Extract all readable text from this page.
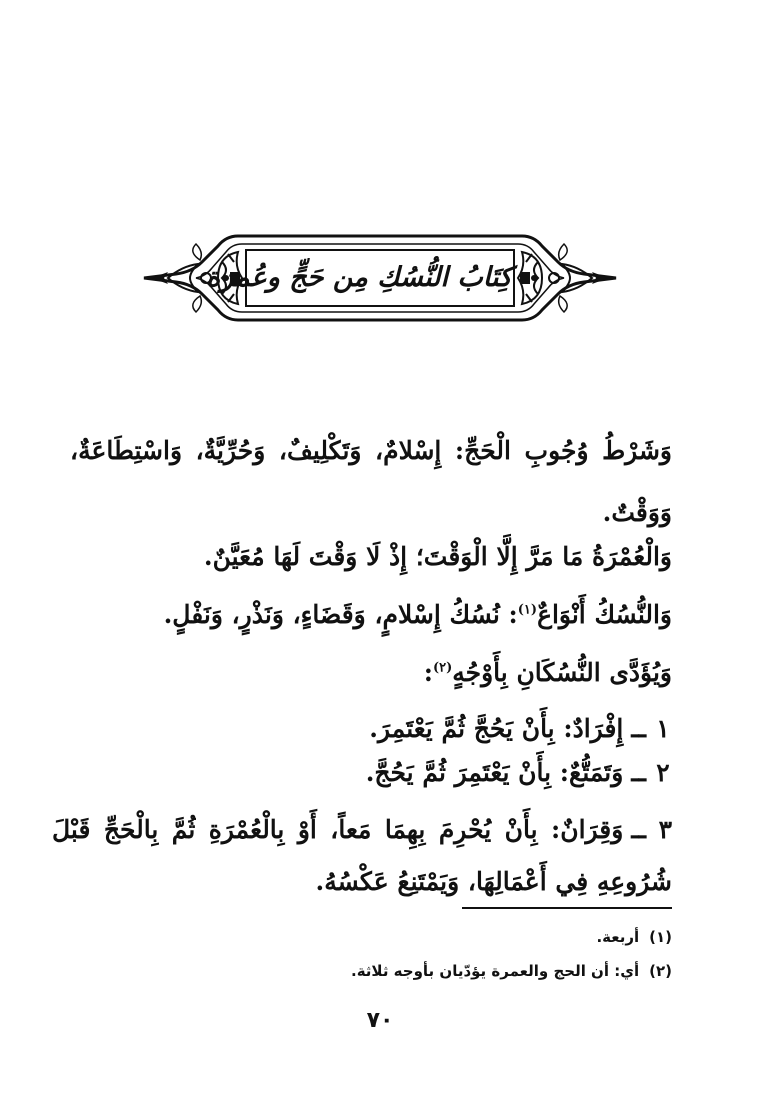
كِتَابُ النُّسُكِ مِن حَجٍّ وعُمرَة

وَشَرْطُ وُجُوبِ الْحَجِّ: إِسْلامٌ، وَتَكْلِيفٌ، وَحُرِّيَّةٌ، وَاسْتِطَاعَةٌ، وَوَقْتٌ.

وَالْعُمْرَةُ مَا مَرَّ إِلَّا الْوَقْتَ؛ إِذْ لَا وَقْتَ لَهَا مُعَيَّنٌ.

وَالنُّسُكُ أَنْوَاعٌ$^{(١)}$: نُسُكُ إِسْلامٍ، وَقَضَاءٍ، وَنَذْرٍ، وَنَفْلٍ.

وَيُؤَدَّى النُّسُكَانِ بِأَوْجُهٍ$^{(٢)}$:

١ــإِفْرَادٌ: بِأَنْ يَحُجَّ ثُمَّ يَعْتَمِرَ.

٢ــوَتَمَتُّعٌ: بِأَنْ يَعْتَمِرَ ثُمَّ يَحُجَّ.

٣ــوَقِرَانٌ: بِأَنْ يُحْرِمَ بِهِمَا مَعاً، أَوْ بِالْعُمْرَةِ ثُمَّ بِالْحَجِّ قَبْلَ شُرُوعِهِ فِي أَعْمَالِهَا، وَيَمْتَنِعُ عَكْسُهُ.

(١)أربعة.

(٢)أي: أن الحج والعمرة يؤدّيان بأوجه ثلاثة.

٧٠
